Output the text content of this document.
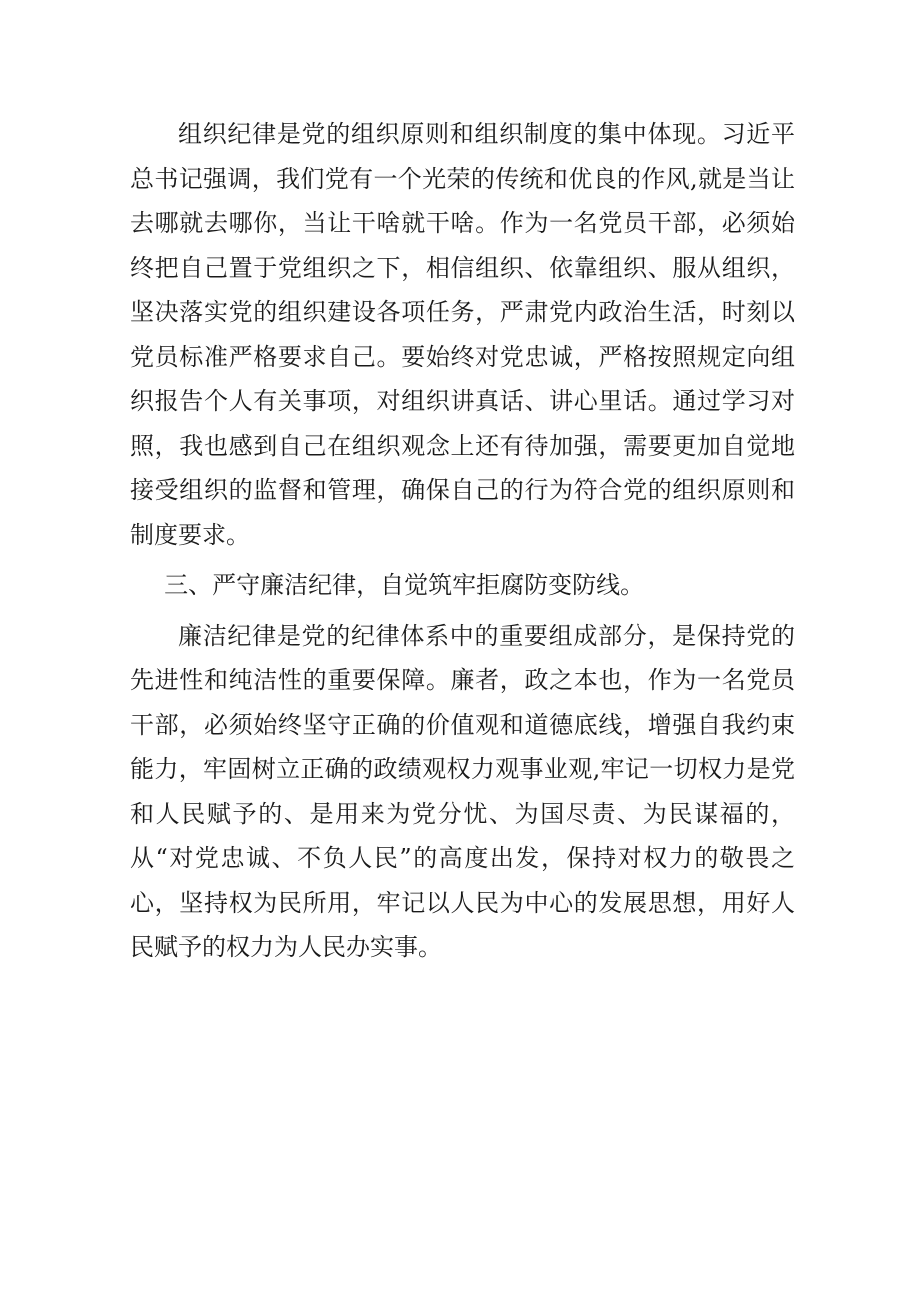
组织纪律是党的组织原则和组织制度的集中体现。习近平总书记强调，我们党有一个光荣的传统和优良的作风,就是当让去哪就去哪你，当让干啥就干啥。作为一名党员干部，必须始终把自己置于党组织之下，相信组织、依靠组织、服从组织，坚决落实党的组织建设各项任务，严肃党内政治生活，时刻以党员标准严格要求自己。要始终对党忠诚，严格按照规定向组织报告个人有关事项，对组织讲真话、讲心里话。通过学习对照，我也感到自己在组织观念上还有待加强，需要更加自觉地接受组织的监督和管理，确保自己的行为符合党的组织原则和制度要求。

三、严守廉洁纪律，自觉筑牢拒腐防变防线。

廉洁纪律是党的纪律体系中的重要组成部分，是保持党的先进性和纯洁性的重要保障。廉者，政之本也，作为一名党员干部，必须始终坚守正确的价值观和道德底线，增强自我约束能力，牢固树立正确的政绩观权力观事业观,牢记一切权力是党和人民赋予的、是用来为党分忧、为国尽责、为民谋福的，从“对党忠诚、不负人民”的高度出发，保持对权力的敬畏之心，坚持权为民所用，牢记以人民为中心的发展思想，用好人民赋予的权力为人民办实事。
